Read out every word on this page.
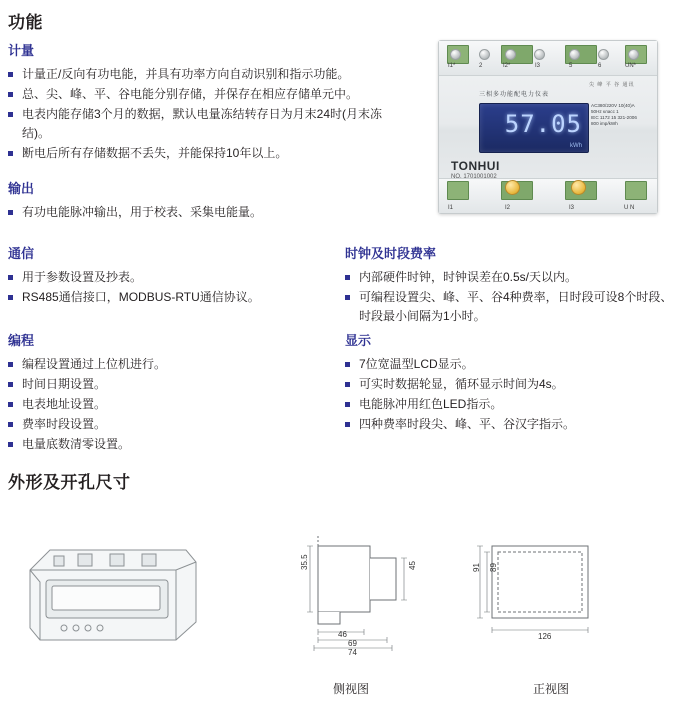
功能

计量

计量正/反向有功电能，并具有功率方向自动识别和指示功能。
总、尖、峰、平、谷电能分别存储，并保存在相应存储单元中。
电表内能存储3个月的数据，默认电量冻结转存日为月末24时(月末冻结)。
断电后所有存储数据不丢失，并能保持10年以上。

输出

有功电能脉冲输出，用于校表、采集电能量。

通信

用于参数设置及抄表。
RS485通信接口，MODBUS-RTU通信协议。

编程

编程设置通过上位机进行。
时间日期设置。
电表地址设置。
费率时段设置。
电量底数清零设置。

时钟及时段费率

内部硬件时钟，时钟误差在0.5s/天以内。
可编程设置尖、峰、平、谷4种费率，日时段可设8个时段、时段最小间隔为1小时。

显示

7位宽温型LCD显示。
可实时数据轮显，循环显示时间为4s。
电能脉冲用红色LED指示。
四种费率时段尖、峰、平、谷汉字指示。
I1*	2	I2*	I3	5	6	UN*
三相多功能配电力仪表
尖 峰 平 谷 通讯
57.05
kWh
AC380/220V 10(40)A
50Hz класс 1
IEC 1172 15 321-2006
800 imp/kWh
TONHUI
NO. 1701001002
I1	I2	I3	U N
外形及开孔尺寸
35.5	45
46
69
74
91 89
126
侧视图	正视图
